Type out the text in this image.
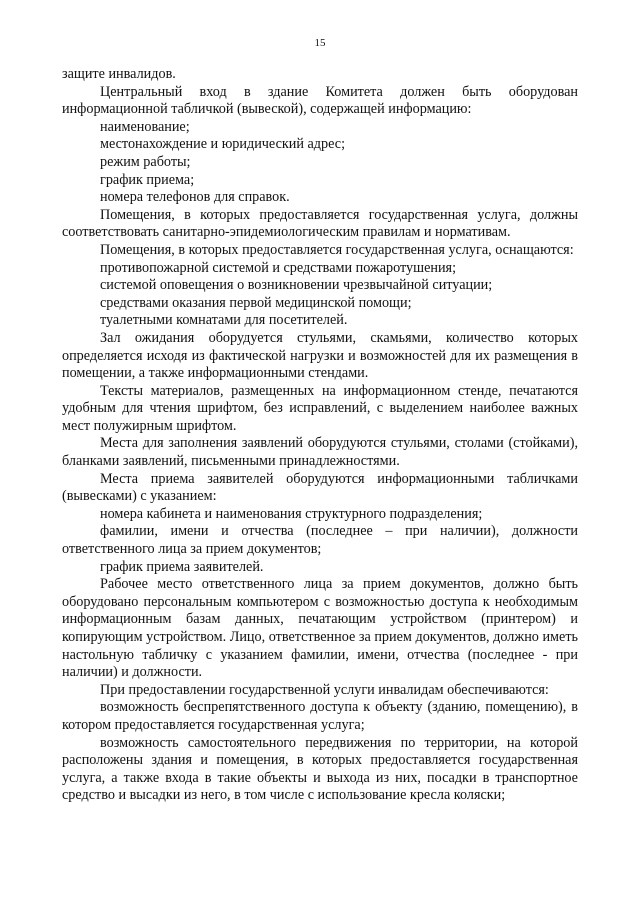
15

защите инвалидов.

Центральный вход в здание Комитета должен быть оборудован информационной табличкой (вывеской), содержащей информацию:

наименование;

местонахождение и юридический адрес;

режим работы;

график приема;

номера телефонов для справок.

Помещения, в которых предоставляется государственная услуга, должны соответствовать санитарно-эпидемиологическим правилам и нормативам.

Помещения, в которых предоставляется государственная услуга, оснащаются:

противопожарной системой и средствами пожаротушения;

системой оповещения о возникновении чрезвычайной ситуации;

средствами оказания первой медицинской помощи;

туалетными комнатами для посетителей.

Зал ожидания оборудуется стульями, скамьями, количество которых определяется исходя из фактической нагрузки и возможностей для их размещения в помещении, а также информационными стендами.

Тексты материалов, размещенных на информационном стенде, печатаются удобным для чтения шрифтом, без исправлений, с выделением наиболее важных мест полужирным шрифтом.

Места для заполнения заявлений оборудуются стульями, столами (стойками), бланками заявлений, письменными принадлежностями.

Места приема заявителей оборудуются информационными табличками (вывесками) с указанием:

номера кабинета и наименования структурного подразделения;

фамилии, имени и отчества (последнее – при наличии), должности ответственного лица за прием документов;

график приема заявителей.

Рабочее место ответственного лица за прием документов, должно быть оборудовано персональным компьютером с возможностью доступа к необходимым информационным базам данных, печатающим устройством (принтером) и копирующим устройством. Лицо, ответственное за прием документов, должно иметь настольную табличку с указанием фамилии, имени, отчества (последнее - при наличии) и должности.

При предоставлении государственной услуги инвалидам обеспечиваются:

возможность беспрепятственного доступа к объекту (зданию, помещению), в котором предоставляется государственная услуга;

возможность самостоятельного передвижения по территории, на которой расположены здания и помещения, в которых предоставляется государственная услуга, а также входа в такие объекты и выхода из них, посадки в транспортное средство и высадки из него, в том числе с использование кресла коляски;
